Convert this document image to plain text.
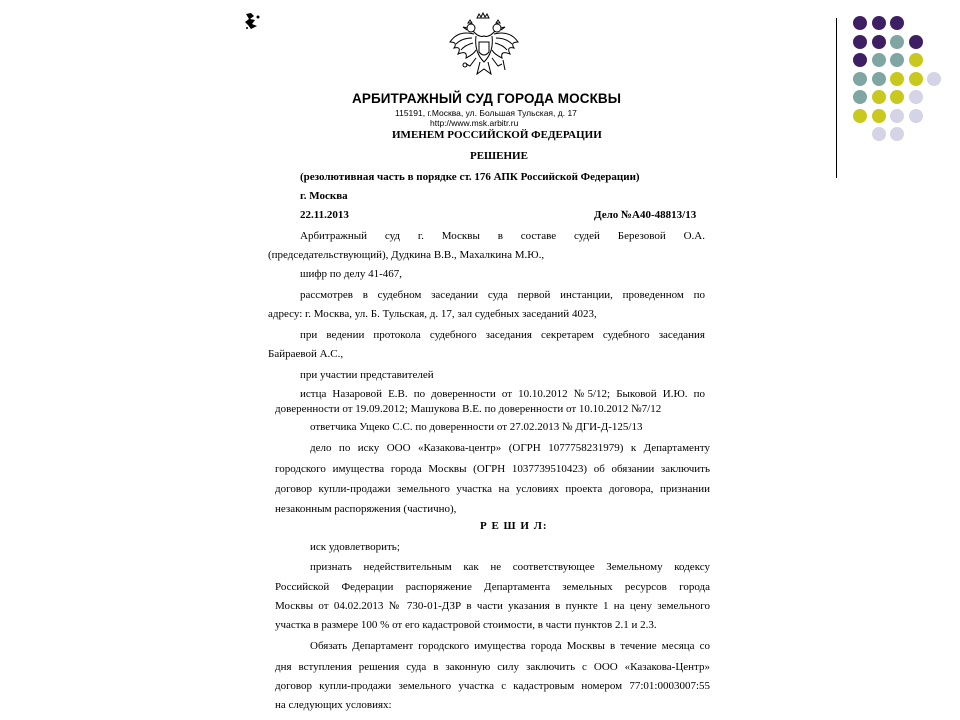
АРБИТРАЖНЫЙ СУД ГОРОДА МОСКВЫ
115191, г.Москва, ул. Большая Тульская, д. 17
http://www.msk.arbitr.ru
ИМЕНЕМ РОССИЙСКОЙ ФЕДЕРАЦИИ
РЕШЕНИЕ
(резолютивная часть в порядке ст. 176 АПК Российской Федерации)
г. Москва
22.11.2013	Дело №А40-48813/13
Арбитражный суд г. Москвы в составе судей Березовой О.А.
(председательствующий), Дудкина В.В., Махалкина М.Ю.,
шифр по делу 41-467,
рассмотрев в судебном заседании суда первой инстанции, проведенном по
адресу: г. Москва, ул. Б. Тульская, д. 17, зал судебных заседаний 4023,
при ведении протокола судебного заседания секретарем судебного заседания
Байраевой А.С.,
при участии представителей
истца Назаровой Е.В. по доверенности от 10.10.2012 №5/12; Быковой И.Ю. по
доверенности от 19.09.2012; Машукова В.Е. по доверенности от 10.10.2012 №7/12
ответчика Ущеко С.С. по доверенности от 27.02.2013 № ДГИ-Д-125/13
дело по иску ООО «Казакова-центр» (ОГРН 1077758231979) к Департаменту
городского имущества города Москвы (ОГРН 1037739510423) об обязании заключить
договор купли-продажи земельного участка на условиях проекта договора, признании
незаконным распоряжения (частично),
Р Е Ш И Л:
иск удовлетворить;
признать недействительным как не соответствующее Земельному кодексу
Российской Федерации распоряжение Департамента земельных ресурсов города
Москвы от 04.02.2013 № 730-01-ДЗР в части указания в пункте 1 на цену земельного
участка в размере 100 % от его кадастровой стоимости, в части пунктов 2.1 и 2.3.
Обязать Департамент городского имущества города Москвы в течение месяца со
дня вступления решения суда в законную силу заключить с ООО «Казакова-Центр»
договор купли-продажи земельного участка с кадастровым номером 77:01:0003007:55
на следующих условиях:
